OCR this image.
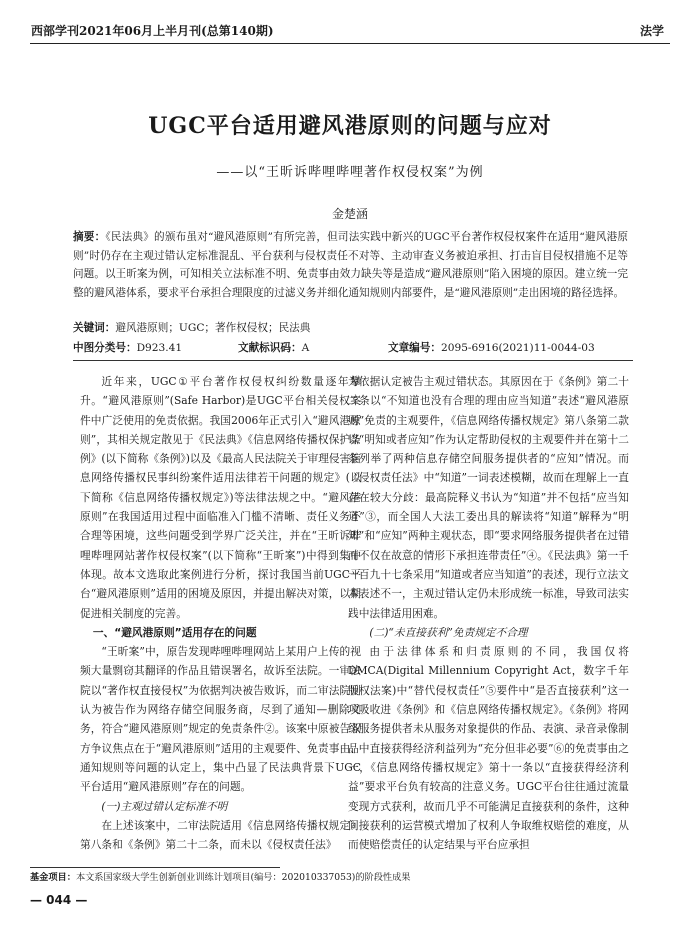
西部学刊2021年06月上半月刊(总第140期)	法学
UGC平台适用避风港原则的问题与应对
——以“王昕诉哔哩哔哩著作权侵权案”为例
金楚涵
摘要：《民法典》的颁布虽对“避风港原则”有所完善，但司法实践中新兴的UGC平台著作权侵权案件在适用“避风港原则”时仍存在主观过错认定标准混乱、平台获利与侵权责任不对等、主动审查义务被迫承担、打击盲目侵权措施不足等问题。以王昕案为例，可知相关立法标准不明、免责事由效力缺失等是造成“避风港原则”陷入困境的原因。建立统一完整的避风港体系，要求平台承担合理限度的过滤义务并细化通知规则内部要件，是“避风港原则”走出困境的路径选择。
关键词：避风港原则；UGC；著作权侵权；民法典
中图分类号：D923.41	文献标识码：A	文章编号：2095-6916(2021)11-0044-03

近年来，UGC①平台著作权侵权纠纷数量逐年攀升。“避风港原则”(Safe Harbor)是UGC平台相关侵权案件中广泛使用的免责依据。我国2006年正式引入“避风港原则”，其相关规定散见于《民法典》《信息网络传播权保护条例》(以下简称《条例》)以及《最高人民法院关于审理侵害信息网络传播权民事纠纷案件适用法律若干问题的规定》(以下简称《信息网络传播权规定》)等法律法规之中。“避风港原则”在我国适用过程中面临准入门槛不清晰、责任义务不合理等困境，这些问题受到学界广泛关注，并在“王昕诉哔哩哔哩网站著作权侵权案”(以下简称“王昕案”)中得到集中体现。故本文选取此案例进行分析，探讨我国当前UGC平台“避风港原则”适用的困境及原因，并提出解决对策，以期促进相关制度的完善。

一、“避风港原则”适用存在的问题

“王昕案”中，原告发现哔哩哔哩网站上某用户上传的视频大量剽窃其翻译的作品且错误署名，故诉至法院。一审法院以“著作权直接侵权”为依据判决被告败诉，而二审法院则认为被告作为网络存储空间服务商，尽到了通知—删除义务，符合“避风港原则”规定的免责条件②。该案中原被告双方争议焦点在于“避风港原则”适用的主观要件、免责事由、通知规则等问题的认定上，集中凸显了民法典背景下UGC平台适用“避风港原则”存在的问题。

(一)主观过错认定标准不明

在上述该案中，二审法院适用《信息网络传播权规定》第八条和《条例》第二十二条，而未以《侵权责任法》

为依据认定被告主观过错状态。其原因在于《条例》第二十二条以“不知道也没有合理的理由应当知道”表述“避风港原则”免责的主观要件，《信息网络传播权规定》第八条第二款以“明知或者应知”作为认定帮助侵权的主观要件并在第十二条列举了两种信息存储空间服务提供者的“应知”情况。而《侵权责任法》中“知道”一词表述模糊，故而在理解上一直存在较大分歧：最高院释义书认为“知道”并不包括“应当知道”③，而全国人大法工委出具的解读将“知道”解释为“明知”和“应知”两种主观状态，即“要求网络服务提供者在过错而不仅在故意的情形下承担连带责任”④。《民法典》第一千一百九十七条采用“知道或者应当知道”的表述，现行立法文本表述不一，主观过错认定仍未形成统一标准，导致司法实践中法律适用困难。

(二)“未直接获利”免责规定不合理

由于法律体系和归责原则的不同，我国仅将DMCA(Digital Millennium Copyright Act，数字千年版权法案)中“替代侵权责任”⑤要件中“是否直接获利”这一项吸收进《条例》和《信息网络传播权规定》。《条例》将网络服务提供者未从服务对象提供的作品、表演、录音录像制品中直接获得经济利益列为“充分但非必要”⑥的免责事由之一，《信息网络传播权规定》第十一条以“直接获得经济利益”要求平台负有较高的注意义务。UGC平台往往通过流量变现方式获利，故而几乎不可能满足直接获利的条件，这种间接获利的运营模式增加了权利人争取维权赔偿的难度，从而使赔偿责任的认定结果与平台应承担

基金项目：本文系国家级大学生创新创业训练计划项目(编号：202010337053)的阶段性成果
— 044 —
